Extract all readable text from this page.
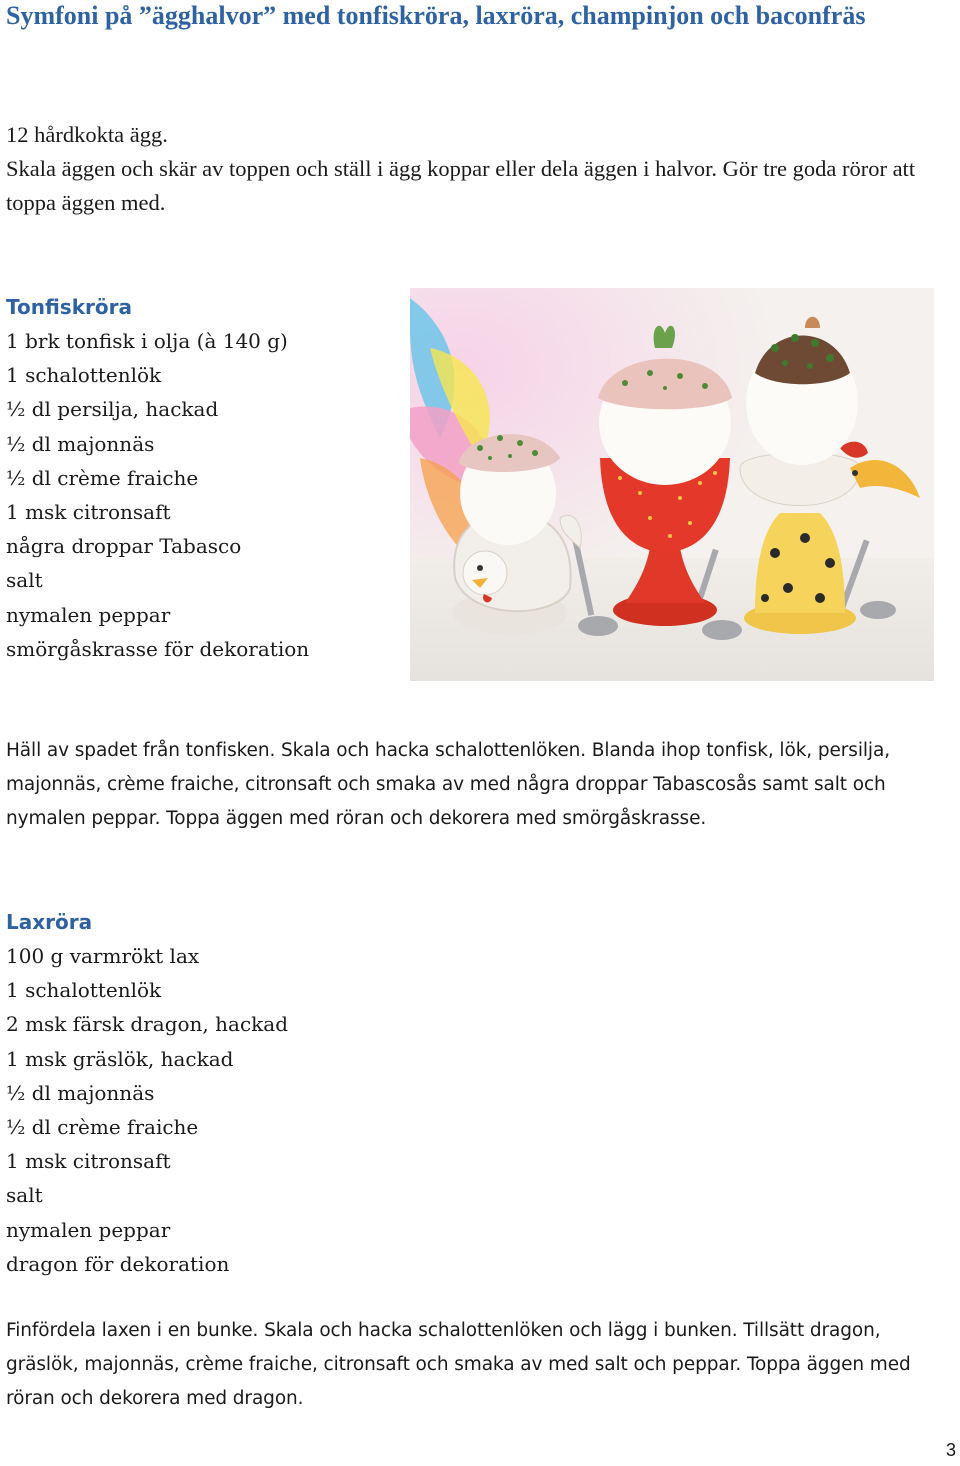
Symfoni på ”ägghalvor” med tonfiskröra, laxröra, champinjon och baconfräs

12 hårdkokta ägg.

Skala äggen och skär av toppen och ställ i ägg koppar eller dela äggen i halvor. Gör tre goda röror att toppa äggen med.

Tonfiskröra
1 brk tonfisk i olja (à 140 g)
1 schalottenlök
½ dl persilja, hackad
½ dl majonnäs
½ dl crème fraiche
1 msk citronsaft
några droppar Tabasco
salt
nymalen peppar
smörgåskrasse för dekoration

Häll av spadet från tonfisken. Skala och hacka schalottenlöken. Blanda ihop tonfisk, lök, persilja, majonnäs, crème fraiche, citronsaft och smaka av med några droppar Tabascosås samt salt och nymalen peppar. Toppa äggen med röran och dekorera med smörgåskrasse.

Laxröra
100 g varmrökt lax
1 schalottenlök
2 msk färsk dragon, hackad
1 msk gräslök, hackad
½ dl majonnäs
½ dl crème fraiche
1 msk citronsaft
salt
nymalen peppar
dragon för dekoration

Finfördela laxen i en bunke. Skala och hacka schalottenlöken och lägg i bunken. Tillsätt dragon, gräslök, majonnäs, crème fraiche, citronsaft och smaka av med salt och peppar. Toppa äggen med röran och dekorera med dragon.

3
